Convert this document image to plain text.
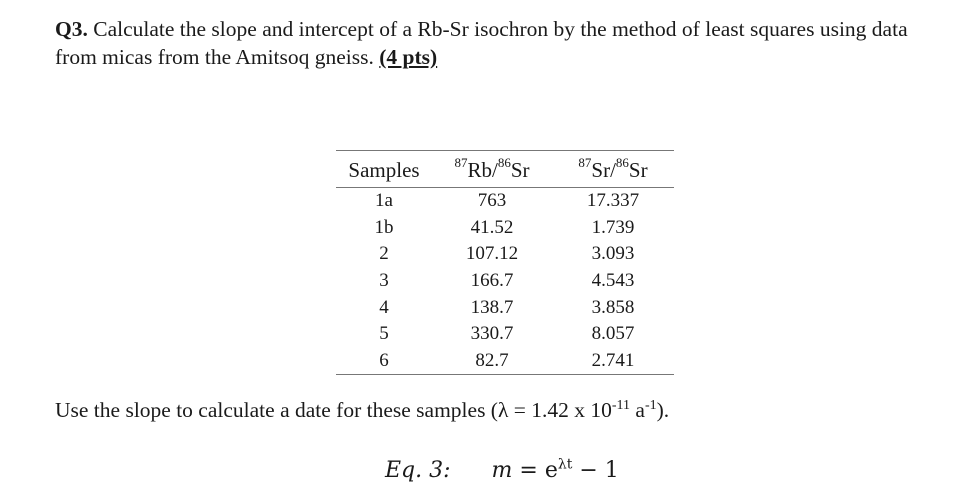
Q3. Calculate the slope and intercept of a Rb-Sr isochron by the method of least squares using data from micas from the Amitsoq gneiss. (4 pts)
Samples	$^{87}$Rb/$^{86}$Sr	$^{87}$Sr/$^{86}$Sr
1a	763	17.337
1b	41.52	1.739
2	107.12	3.093
3	166.7	4.543
4	138.7	3.858
5	330.7	8.057
6	82.7	2.741
Use the slope to calculate a date for these samples (λ = 1.42 x $10^{-11}$ $a^{-1}$).
Eq. 3: $m = e^{\lambda t} - 1$
